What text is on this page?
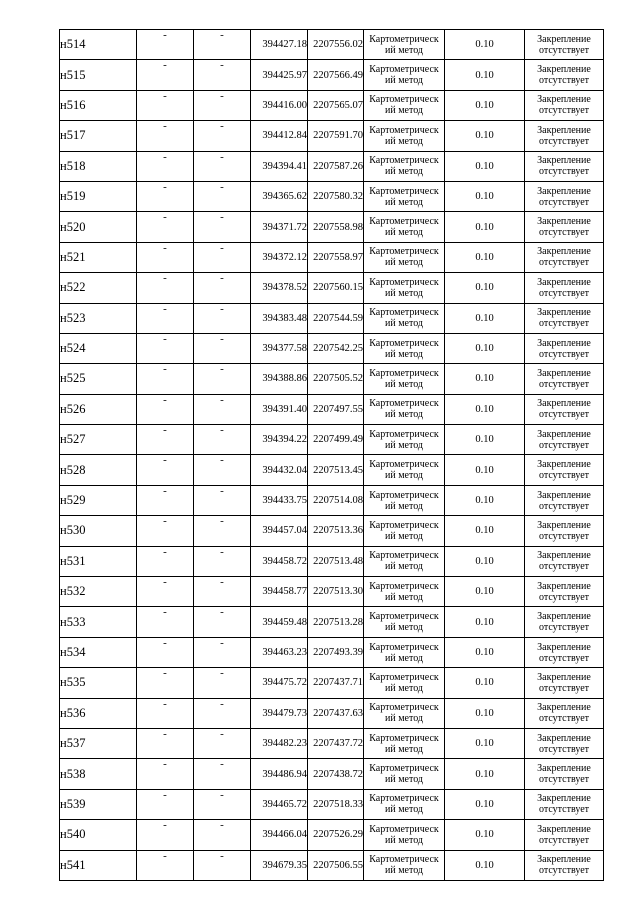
н514	-	-	394427.18	2207556.02	Картометрическ
ий метод	0.10	Закрепление
отсутствует

н515	-	-	394425.97	2207566.49	Картометрическ
ий метод	0.10	Закрепление
отсутствует

н516	-	-	394416.00	2207565.07	Картометрическ
ий метод	0.10	Закрепление
отсутствует

н517	-	-	394412.84	2207591.70	Картометрическ
ий метод	0.10	Закрепление
отсутствует

н518	-	-	394394.41	2207587.26	Картометрическ
ий метод	0.10	Закрепление
отсутствует

н519	-	-	394365.62	2207580.32	Картометрическ
ий метод	0.10	Закрепление
отсутствует

н520	-	-	394371.72	2207558.98	Картометрическ
ий метод	0.10	Закрепление
отсутствует

н521	-	-	394372.12	2207558.97	Картометрическ
ий метод	0.10	Закрепление
отсутствует

н522	-	-	394378.52	2207560.15	Картометрическ
ий метод	0.10	Закрепление
отсутствует

н523	-	-	394383.48	2207544.59	Картометрическ
ий метод	0.10	Закрепление
отсутствует

н524	-	-	394377.58	2207542.25	Картометрическ
ий метод	0.10	Закрепление
отсутствует

н525	-	-	394388.86	2207505.52	Картометрическ
ий метод	0.10	Закрепление
отсутствует

н526	-	-	394391.40	2207497.55	Картометрическ
ий метод	0.10	Закрепление
отсутствует

н527	-	-	394394.22	2207499.49	Картометрическ
ий метод	0.10	Закрепление
отсутствует

н528	-	-	394432.04	2207513.45	Картометрическ
ий метод	0.10	Закрепление
отсутствует

н529	-	-	394433.75	2207514.08	Картометрическ
ий метод	0.10	Закрепление
отсутствует

н530	-	-	394457.04	2207513.36	Картометрическ
ий метод	0.10	Закрепление
отсутствует

н531	-	-	394458.72	2207513.48	Картометрическ
ий метод	0.10	Закрепление
отсутствует

н532	-	-	394458.77	2207513.30	Картометрическ
ий метод	0.10	Закрепление
отсутствует

н533	-	-	394459.48	2207513.28	Картометрическ
ий метод	0.10	Закрепление
отсутствует

н534	-	-	394463.23	2207493.39	Картометрическ
ий метод	0.10	Закрепление
отсутствует

н535	-	-	394475.72	2207437.71	Картометрическ
ий метод	0.10	Закрепление
отсутствует

н536	-	-	394479.73	2207437.63	Картометрическ
ий метод	0.10	Закрепление
отсутствует

н537	-	-	394482.23	2207437.72	Картометрическ
ий метод	0.10	Закрепление
отсутствует

н538	-	-	394486.94	2207438.72	Картометрическ
ий метод	0.10	Закрепление
отсутствует

н539	-	-	394465.72	2207518.33	Картометрическ
ий метод	0.10	Закрепление
отсутствует

н540	-	-	394466.04	2207526.29	Картометрическ
ий метод	0.10	Закрепление
отсутствует

н541	-	-	394679.35	2207506.55	Картометрическ
ий метод	0.10	Закрепление
отсутствует
